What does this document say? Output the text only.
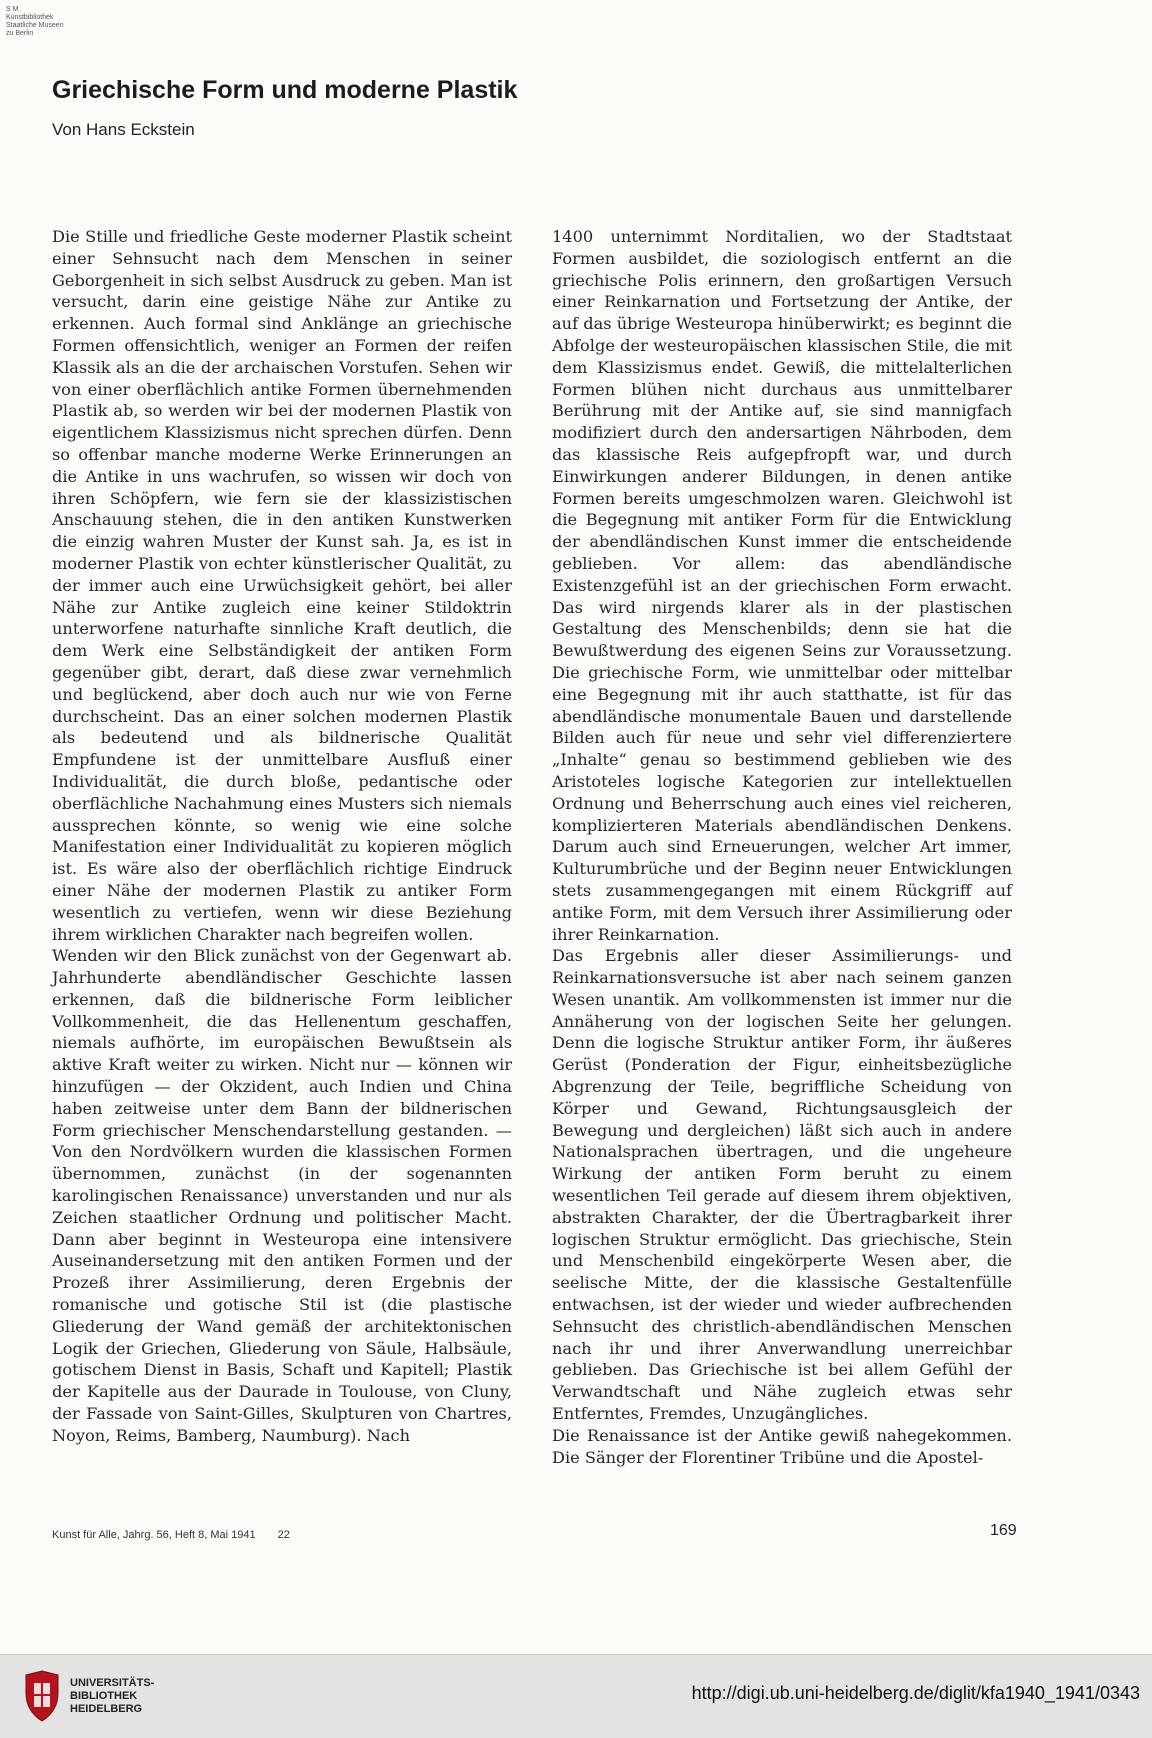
S M
Kunstbibliothek
Staatliche Museen
zu Berlin
Griechische Form und moderne Plastik
Von Hans Eckstein

Die Stille und friedliche Geste moderner Plastik scheint einer Sehnsucht nach dem Menschen in seiner Geborgenheit in sich selbst Ausdruck zu geben. Man ist versucht, darin eine geistige Nähe zur Antike zu erkennen. Auch formal sind Anklänge an griechische Formen offensichtlich, weniger an Formen der reifen Klassik als an die der archaischen Vorstufen. Sehen wir von einer oberflächlich antike Formen übernehmenden Plastik ab, so werden wir bei der modernen Plastik von eigentlichem Klassizismus nicht sprechen dürfen. Denn so offenbar manche moderne Werke Erinnerungen an die Antike in uns wachrufen, so wissen wir doch von ihren Schöpfern, wie fern sie der klassizistischen Anschauung stehen, die in den antiken Kunstwerken die einzig wahren Muster der Kunst sah. Ja, es ist in moderner Plastik von echter künstlerischer Qualität, zu der immer auch eine Urwüchsigkeit gehört, bei aller Nähe zur Antike zugleich eine keiner Stildoktrin unterworfene naturhafte sinnliche Kraft deutlich, die dem Werk eine Selbständigkeit der antiken Form gegenüber gibt, derart, daß diese zwar vernehmlich und beglückend, aber doch auch nur wie von Ferne durchscheint. Das an einer solchen modernen Plastik als bedeutend und als bildnerische Qualität Empfundene ist der unmittelbare Ausfluß einer Individualität, die durch bloße, pedantische oder oberflächliche Nachahmung eines Musters sich niemals aussprechen könnte, so wenig wie eine solche Manifestation einer Individualität zu kopieren möglich ist. Es wäre also der oberflächlich richtige Eindruck einer Nähe der modernen Plastik zu antiker Form wesentlich zu vertiefen, wenn wir diese Beziehung ihrem wirklichen Charakter nach begreifen wollen.

Wenden wir den Blick zunächst von der Gegenwart ab. Jahrhunderte abendländischer Geschichte lassen erkennen, daß die bildnerische Form leiblicher Vollkommenheit, die das Hellenentum geschaffen, niemals aufhörte, im europäischen Bewußtsein als aktive Kraft weiter zu wirken. Nicht nur — können wir hinzufügen — der Okzident, auch Indien und China haben zeitweise unter dem Bann der bildnerischen Form griechischer Menschendarstellung gestanden. — Von den Nordvölkern wurden die klassischen Formen übernommen, zunächst (in der sogenannten karolingischen Renaissance) unverstanden und nur als Zeichen staatlicher Ordnung und politischer Macht. Dann aber beginnt in Westeuropa eine intensivere Auseinandersetzung mit den antiken Formen und der Prozeß ihrer Assimilierung, deren Ergebnis der romanische und gotische Stil ist (die plastische Gliederung der Wand gemäß der architektonischen Logik der Griechen, Gliederung von Säule, Halbsäule, gotischem Dienst in Basis, Schaft und Kapitell; Plastik der Kapitelle aus der Daurade in Toulouse, von Cluny, der Fassade von Saint-Gilles, Skulpturen von Chartres, Noyon, Reims, Bamberg, Naumburg). Nach

1400 unternimmt Norditalien, wo der Stadtstaat Formen ausbildet, die soziologisch entfernt an die griechische Polis erinnern, den großartigen Versuch einer Reinkarnation und Fortsetzung der Antike, der auf das übrige Westeuropa hinüberwirkt; es beginnt die Abfolge der westeuropäischen klassischen Stile, die mit dem Klassizismus endet. Gewiß, die mittelalterlichen Formen blühen nicht durchaus aus unmittelbarer Berührung mit der Antike auf, sie sind mannigfach modifiziert durch den andersartigen Nährboden, dem das klassische Reis aufgepfropft war, und durch Einwirkungen anderer Bildungen, in denen antike Formen bereits umgeschmolzen waren. Gleichwohl ist die Begegnung mit antiker Form für die Entwicklung der abendländischen Kunst immer die entscheidende geblieben. Vor allem: das abendländische Existenzgefühl ist an der griechischen Form erwacht. Das wird nirgends klarer als in der plastischen Gestaltung des Menschenbilds; denn sie hat die Bewußtwerdung des eigenen Seins zur Voraussetzung. Die griechische Form, wie unmittelbar oder mittelbar eine Begegnung mit ihr auch statthatte, ist für das abendländische monumentale Bauen und darstellende Bilden auch für neue und sehr viel differenziertere „Inhalte“ genau so bestimmend geblieben wie des Aristoteles logische Kategorien zur intellektuellen Ordnung und Beherrschung auch eines viel reicheren, komplizierteren Materials abendländischen Denkens. Darum auch sind Erneuerungen, welcher Art immer, Kulturumbrüche und der Beginn neuer Entwicklungen stets zusammengegangen mit einem Rückgriff auf antike Form, mit dem Versuch ihrer Assimilierung oder ihrer Reinkarnation.

Das Ergebnis aller dieser Assimilierungs- und Reinkarnationsversuche ist aber nach seinem ganzen Wesen unantik. Am vollkommensten ist immer nur die Annäherung von der logischen Seite her gelungen. Denn die logische Struktur antiker Form, ihr äußeres Gerüst (Ponderation der Figur, einheitsbezügliche Abgrenzung der Teile, begriffliche Scheidung von Körper und Gewand, Richtungsausgleich der Bewegung und dergleichen) läßt sich auch in andere Nationalsprachen übertragen, und die ungeheure Wirkung der antiken Form beruht zu einem wesentlichen Teil gerade auf diesem ihrem objektiven, abstrakten Charakter, der die Übertragbarkeit ihrer logischen Struktur ermöglicht. Das griechische, Stein und Menschenbild eingekörperte Wesen aber, die seelische Mitte, der die klassische Gestaltenfülle entwachsen, ist der wieder und wieder aufbrechenden Sehnsucht des christlich-abendländischen Menschen nach ihr und ihrer Anverwandlung unerreichbar geblieben. Das Griechische ist bei allem Gefühl der Verwandtschaft und Nähe zugleich etwas sehr Entferntes, Fremdes, Unzugängliches.

Die Renaissance ist der Antike gewiß nahegekommen. Die Sänger der Florentiner Tribüne und die Apostel-

Kunst für Alle, Jahrg. 56, Heft 8, Mai 1941 22	169
UNIVERSITÄTS-
BIBLIOTHEK
HEIDELBERG
http://digi.ub.uni-heidelberg.de/diglit/kfa1940_1941/0343
